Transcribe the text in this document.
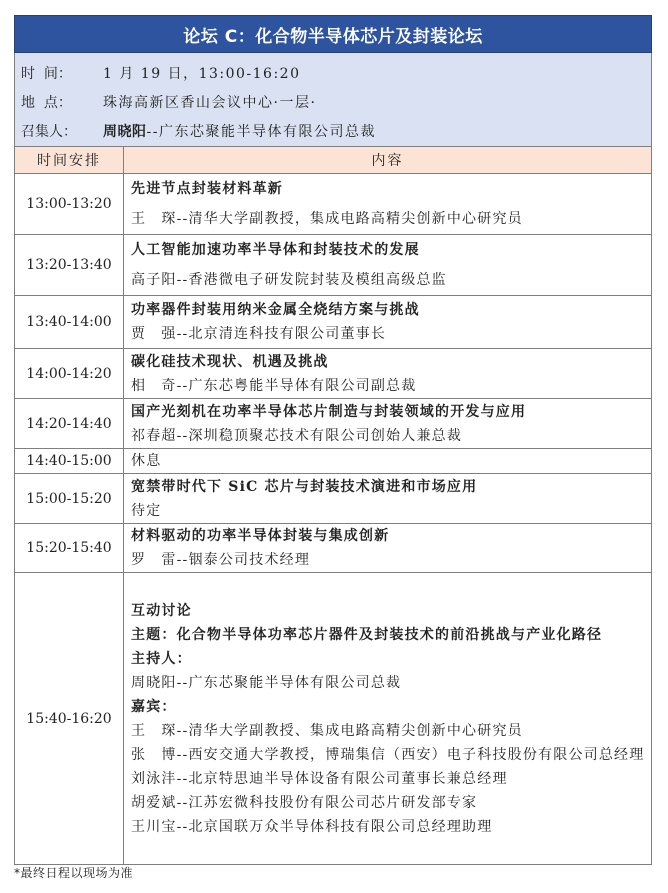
论坛 C：化合物半导体芯片及封装论坛
时  间：	1 月 19 日，13:00-16:20
地  点：	珠海高新区香山会议中心·一层·
召集人：	周晓阳 --广东芯聚能半导体有限公司总裁
时间安排	内容
13:00-13:20	先进节点封装材料革新
王　琛--清华大学副教授，集成电路高精尖创新中心研究员

13:20-13:40	人工智能加速功率半导体和封装技术的发展
高子阳--香港微电子研发院封装及模组高级总监

13:40-14:00	功率器件封装用纳米金属全烧结方案与挑战
贾　强--北京清连科技有限公司董事长

14:00-14:20	碳化硅技术现状、机遇及挑战
相　奇--广东芯粤能半导体有限公司副总裁

14:20-14:40	国产光刻机在功率半导体芯片制造与封装领域的开发与应用
祁春超--深圳稳顶聚芯技术有限公司创始人兼总裁

14:40-15:00	休息

15:00-15:20	宽禁带时代下 SiC 芯片与封装技术演进和市场应用
待定

15:20-15:40	材料驱动的功率半导体封装与集成创新
罗　雷--铟泰公司技术经理

15:40-16:20	
互动讨论
主题：化合物半导体功率芯片器件及封装技术的前沿挑战与产业化路径
主持人：
周晓阳--广东芯聚能半导体有限公司总裁
嘉宾：
王　琛--清华大学副教授、集成电路高精尖创新中心研究员
张　博--西安交通大学教授，博瑞集信（西安）电子科技股份有限公司总经理
刘泳沣--北京特思迪半导体设备有限公司董事长兼总经理
胡爱斌--江苏宏微科技股份有限公司芯片研发部专家
王川宝--北京国联万众半导体科技有限公司总经理助理
*最终日程以现场为准
